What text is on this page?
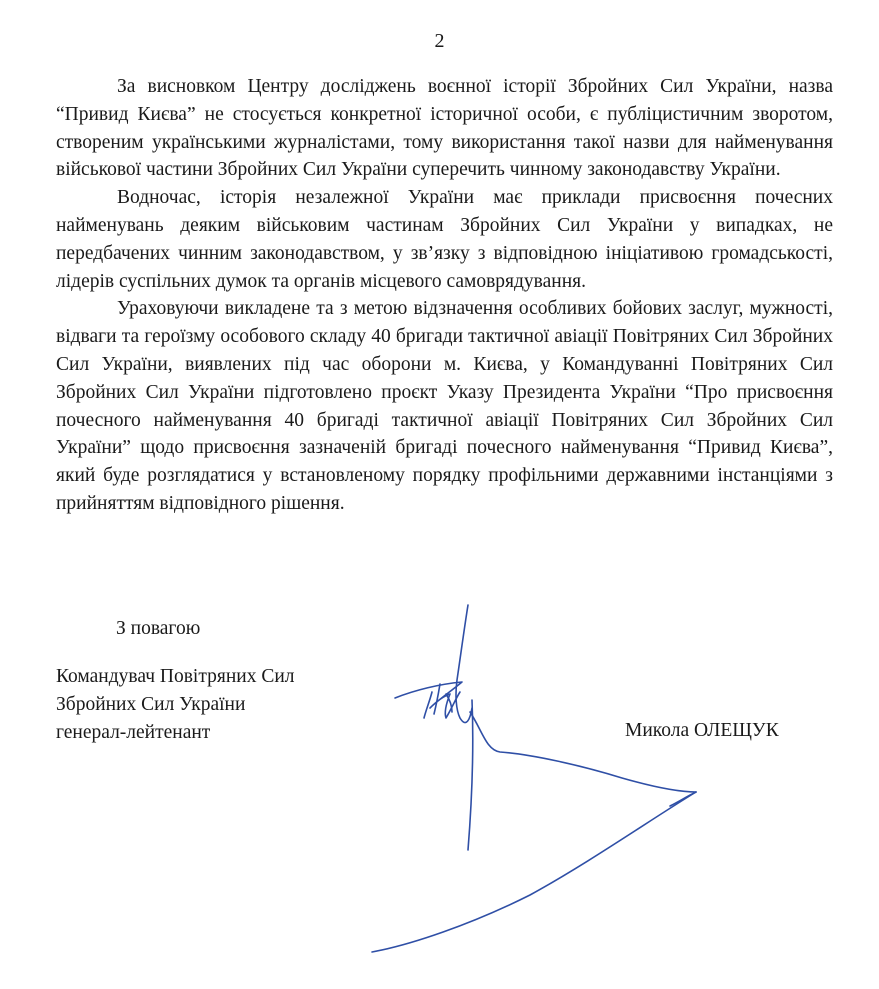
2

За висновком Центру досліджень воєнної історії Збройних Сил України, назва “Привид Києва” не стосується конкретної історичної особи, є публіцистичним зворотом, створеним українськими журналістами, тому використання такої назви для найменування військової частини Збройних Сил України суперечить чинному законодавству України.

Водночас, історія незалежної України має приклади присвоєння почесних найменувань деяким військовим частинам Збройних Сил України у випадках, не передбачених чинним законодавством, у зв’язку з відповідною ініціативою громадськості, лідерів суспільних думок та органів місцевого самоврядування.

Ураховуючи викладене та з метою відзначення особливих бойових заслуг, мужності, відваги та героїзму особового складу 40 бригади тактичної авіації Повітряних Сил Збройних Сил України, виявлених під час оборони м. Києва, у Командуванні Повітряних Сил Збройних Сил України підготовлено проєкт Указу Президента України “Про присвоєння почесного найменування 40 бригаді тактичної авіації Повітряних Сил Збройних Сил України” щодо присвоєння зазначеній бригаді почесного найменування “Привид Києва”, який буде розглядатися у встановленому порядку профільними державними інстанціями з прийняттям відповідного рішення.

З повагою
Командувач Повітряних Сил
Збройних Сил України
генерал-лейтенант	Микола ОЛЕЩУК
